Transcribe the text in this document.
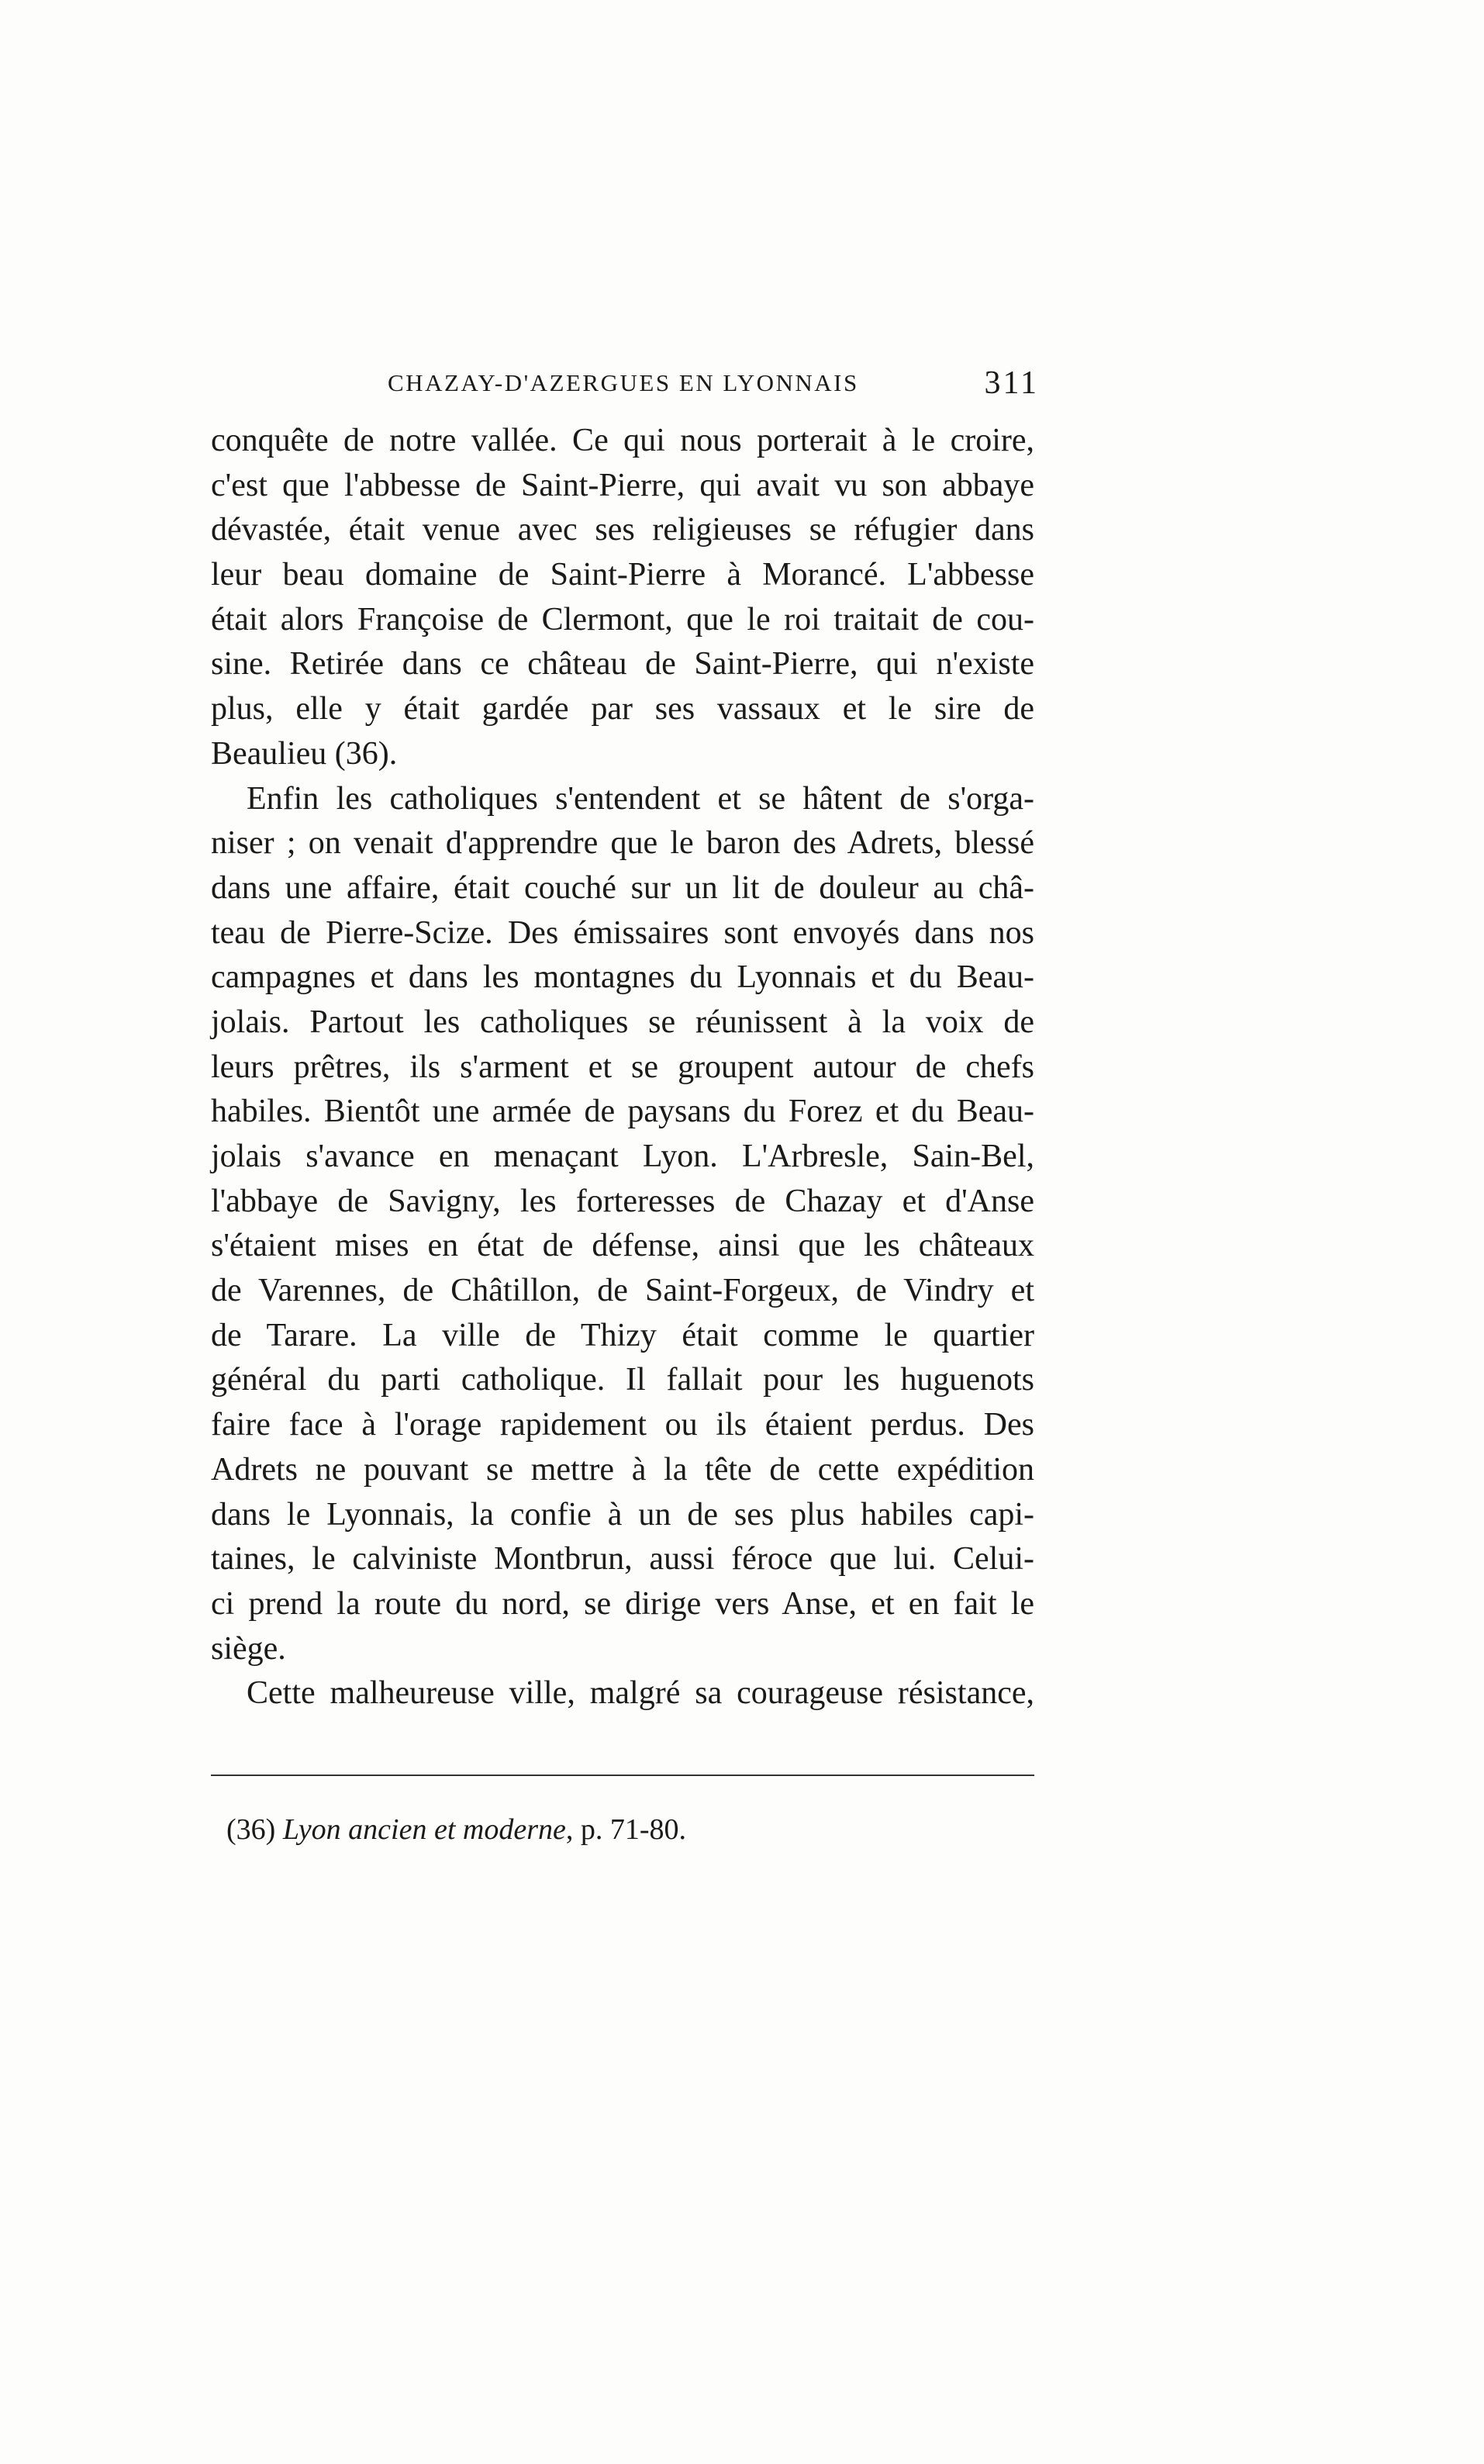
CHAZAY-D'AZERGUES EN LYONNAIS	311
conquête de notre vallée. Ce qui nous porterait à le croire,
c'est que l'abbesse de Saint-Pierre, qui avait vu son abbaye
dévastée, était venue avec ses religieuses se réfugier dans
leur beau domaine de Saint-Pierre à Morancé. L'abbesse
était alors Françoise de Clermont, que le roi traitait de cou-
sine. Retirée dans ce château de Saint-Pierre, qui n'existe
plus, elle y était gardée par ses vassaux et le sire de
Beaulieu (36).
Enfin les catholiques s'entendent et se hâtent de s'orga-
niser ; on venait d'apprendre que le baron des Adrets, blessé
dans une affaire, était couché sur un lit de douleur au châ-
teau de Pierre-Scize. Des émissaires sont envoyés dans nos
campagnes et dans les montagnes du Lyonnais et du Beau-
jolais. Partout les catholiques se réunissent à la voix de
leurs prêtres, ils s'arment et se groupent autour de chefs
habiles. Bientôt une armée de paysans du Forez et du Beau-
jolais s'avance en menaçant Lyon. L'Arbresle, Sain-Bel,
l'abbaye de Savigny, les forteresses de Chazay et d'Anse
s'étaient mises en état de défense, ainsi que les châteaux
de Varennes, de Châtillon, de Saint-Forgeux, de Vindry et
de Tarare. La ville de Thizy était comme le quartier
général du parti catholique. Il fallait pour les huguenots
faire face à l'orage rapidement ou ils étaient perdus. Des
Adrets ne pouvant se mettre à la tête de cette expédition
dans le Lyonnais, la confie à un de ses plus habiles capi-
taines, le calviniste Montbrun, aussi féroce que lui. Celui-
ci prend la route du nord, se dirige vers Anse, et en fait le
siège.
Cette malheureuse ville, malgré sa courageuse résistance,
(36) Lyon ancien et moderne, p. 71-80.
